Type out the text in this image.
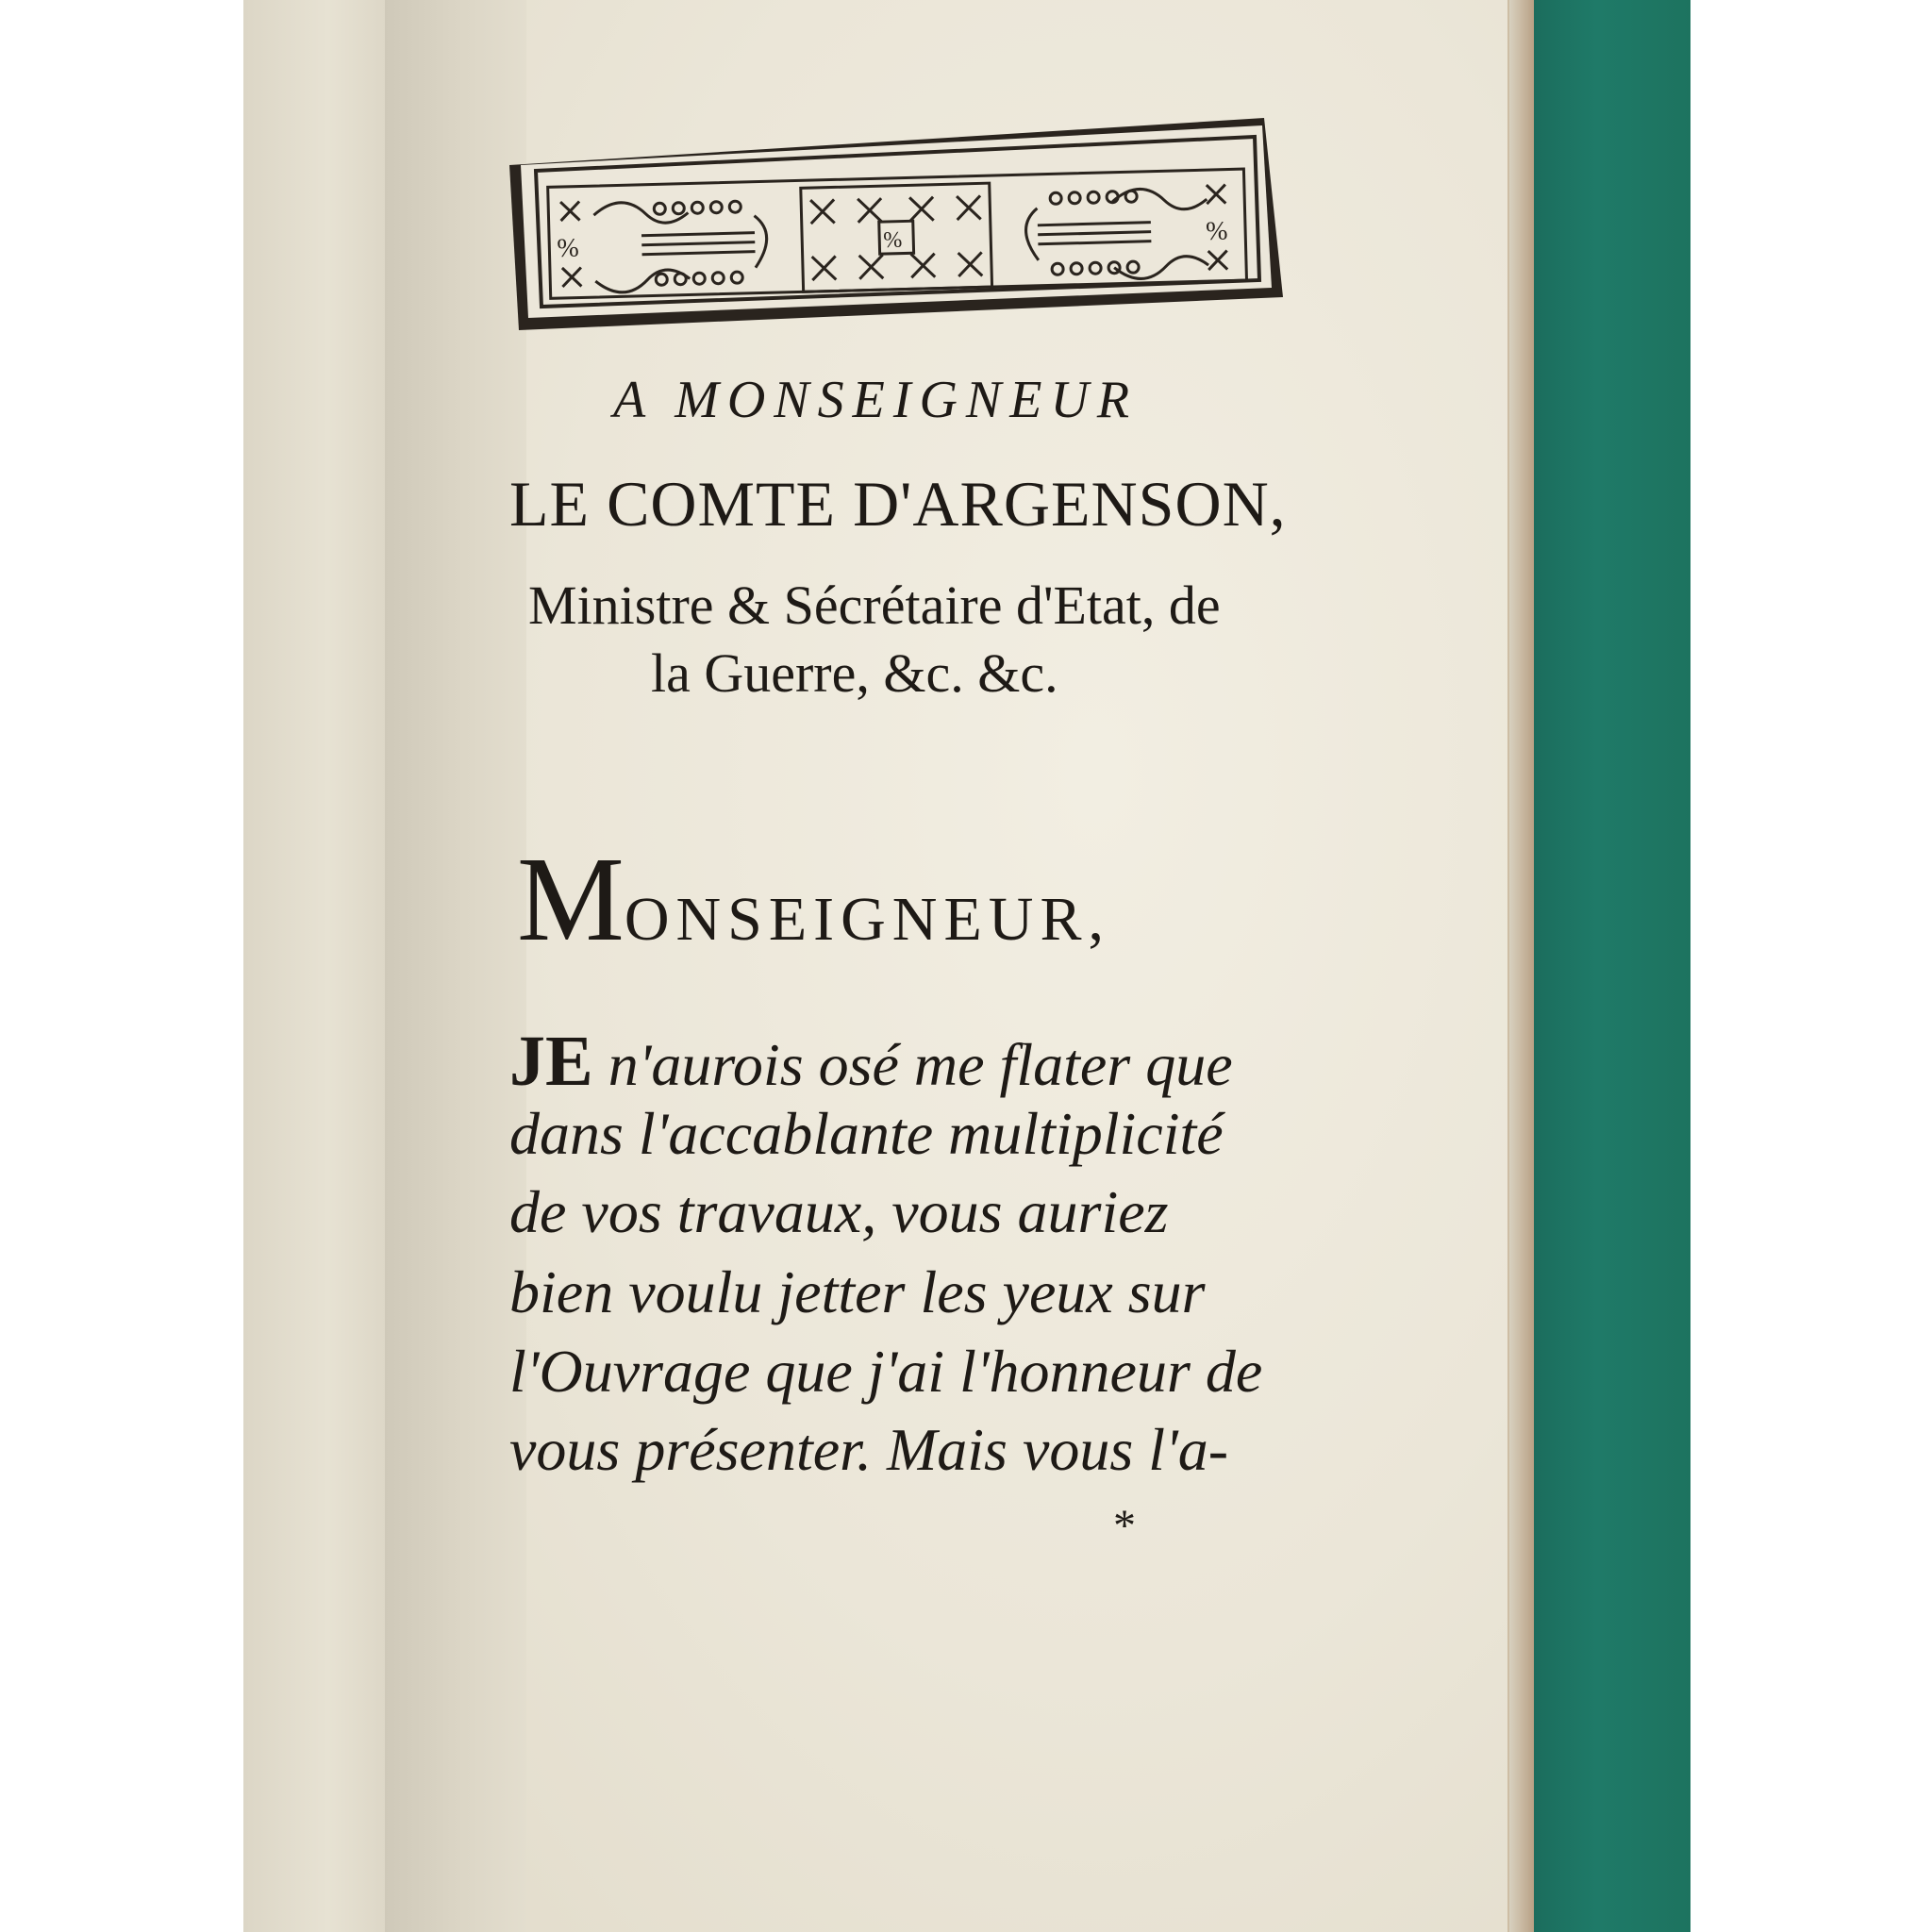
%	%	%
A MONSEIGNEUR
LE COMTE D'ARGENSON,
Ministre & Sécrétaire d'Etat, de
la Guerre, &c. &c.
MONSEIGNEUR,
JE n'aurois osé me flater que
dans l'accablante multiplicité
de vos travaux, vous auriez
bien voulu jetter les yeux sur
l'Ouvrage que j'ai l'honneur de
vous présenter. Mais vous l'a-
*
